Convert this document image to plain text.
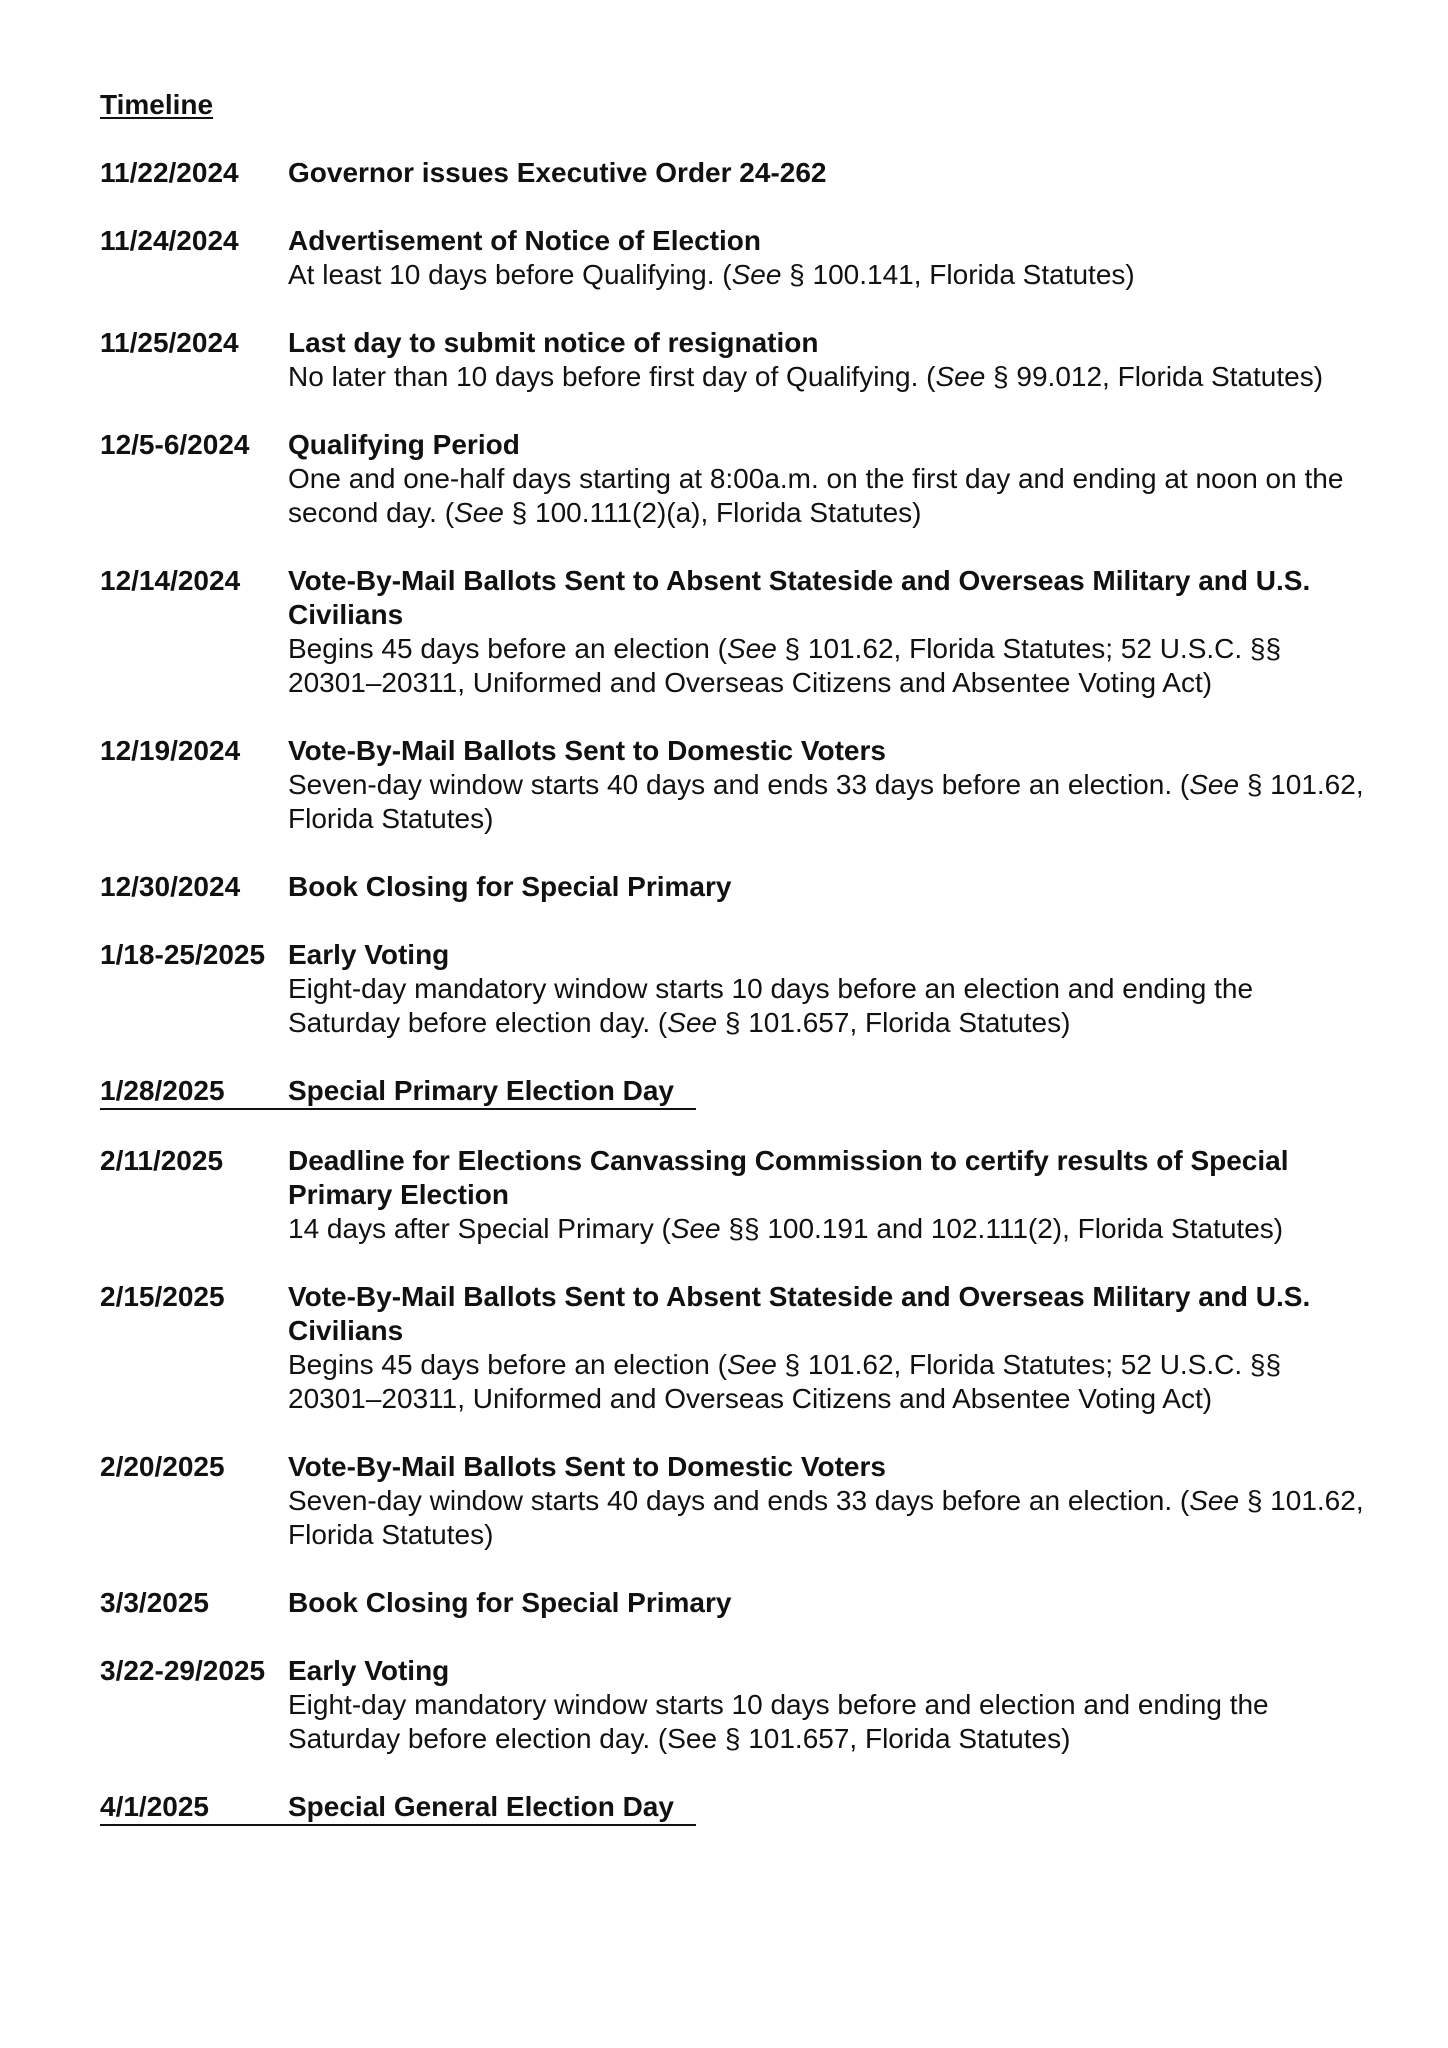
Timeline
11/22/2024	Governor issues Executive Order 24-262
11/24/2024	Advertisement of Notice of Election
At least 10 days before Qualifying. (See § 100.141, Florida Statutes)
11/25/2024	Last day to submit notice of resignation
No later than 10 days before first day of Qualifying. (See § 99.012, Florida Statutes)
12/5-6/2024	Qualifying Period
One and one-half days starting at 8:00a.m. on the first day and ending at noon on the second day. (See § 100.111(2)(a), Florida Statutes)
12/14/2024	Vote-By-Mail Ballots Sent to Absent Stateside and Overseas Military and U.S. Civilians
Begins 45 days before an election (See § 101.62, Florida Statutes; 52 U.S.C. §§ 20301–20311, Uniformed and Overseas Citizens and Absentee Voting Act)
12/19/2024	Vote-By-Mail Ballots Sent to Domestic Voters
Seven-day window starts 40 days and ends 33 days before an election. (See § 101.62, Florida Statutes)
12/30/2024	Book Closing for Special Primary
1/18-25/2025 Early Voting
Eight-day mandatory window starts 10 days before an election and ending the Saturday before election day. (See § 101.657, Florida Statutes)
1/28/2025	Special Primary Election Day
2/11/2025	Deadline for Elections Canvassing Commission to certify results of Special Primary Election
14 days after Special Primary (See §§ 100.191 and 102.111(2), Florida Statutes)
2/15/2025	Vote-By-Mail Ballots Sent to Absent Stateside and Overseas Military and U.S. Civilians
Begins 45 days before an election (See § 101.62, Florida Statutes; 52 U.S.C. §§ 20301–20311, Uniformed and Overseas Citizens and Absentee Voting Act)
2/20/2025	Vote-By-Mail Ballots Sent to Domestic Voters
Seven-day window starts 40 days and ends 33 days before an election. (See § 101.62, Florida Statutes)
3/3/2025	Book Closing for Special Primary
3/22-29/2025 Early Voting
Eight-day mandatory window starts 10 days before and election and ending the Saturday before election day. (See § 101.657, Florida Statutes)
4/1/2025	Special General Election Day
